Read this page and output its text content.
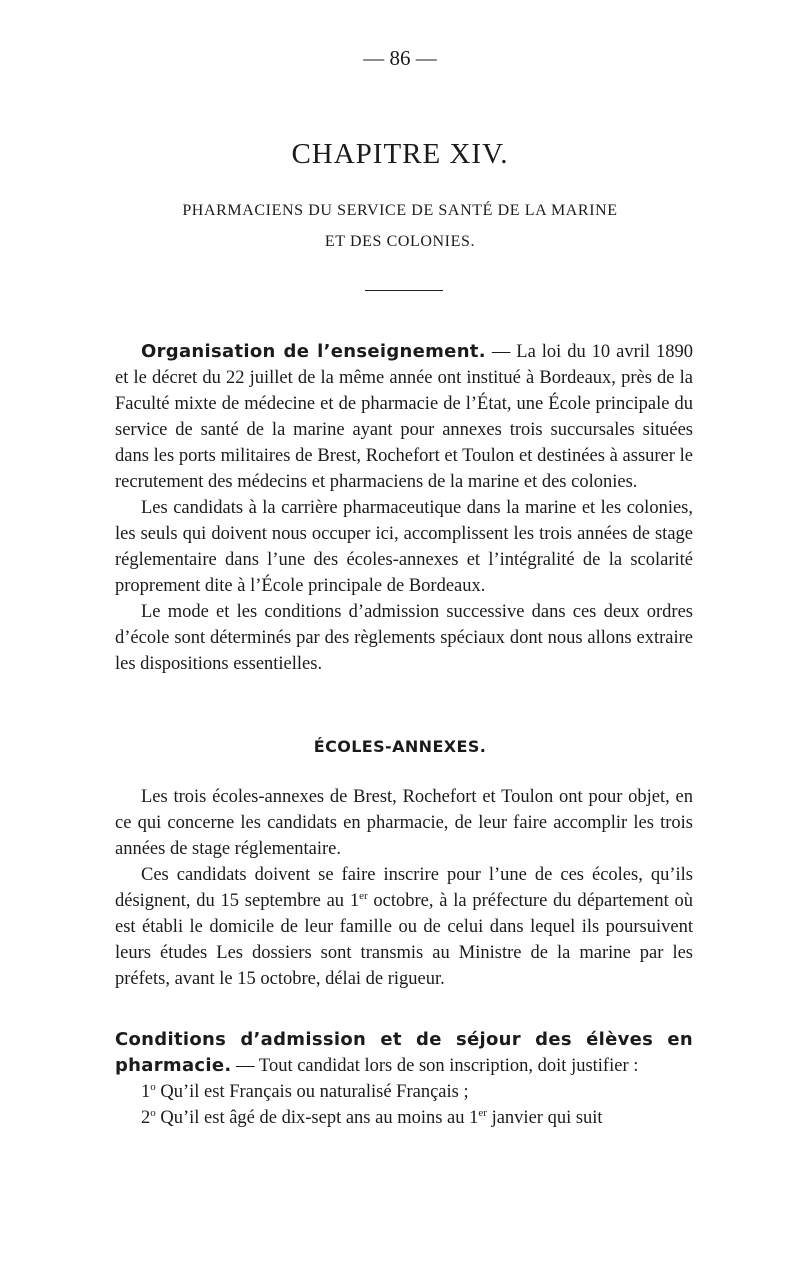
— 86 —
CHAPITRE XIV.
PHARMACIENS DU SERVICE DE SANTÉ DE LA MARINE
ET DES COLONIES.

Organisation de l’enseignement. — La loi du 10 avril 1890 et le décret du 22 juillet de la même année ont institué à Bordeaux, près de la Faculté mixte de médecine et de pharmacie de l’État, une École principale du service de santé de la marine ayant pour annexes trois succursales situées dans les ports militaires de Brest, Rochefort et Toulon et destinées à assurer le recrutement des médecins et pharmaciens de la marine et des colonies.

Les candidats à la carrière pharmaceutique dans la marine et les colonies, les seuls qui doivent nous occuper ici, accomplissent les trois années de stage réglementaire dans l’une des écoles-annexes et l’intégralité de la scolarité proprement dite à l’École principale de Bordeaux.

Le mode et les conditions d’admission successive dans ces deux ordres d’école sont déterminés par des règlements spéciaux dont nous allons extraire les dispositions essentielles.

ÉCOLES-ANNEXES.

Les trois écoles-annexes de Brest, Rochefort et Toulon ont pour objet, en ce qui concerne les candidats en pharmacie, de leur faire accomplir les trois années de stage réglementaire.

Ces candidats doivent se faire inscrire pour l’une de ces écoles, qu’ils désignent, du 15 septembre au 1er octobre, à la préfecture du département où est établi le domicile de leur famille ou de celui dans lequel ils poursuivent leurs études Les dossiers sont transmis au Ministre de la marine par les préfets, avant le 15 octobre, délai de rigueur.

Conditions d’admission et de séjour des élèves en pharmacie. — Tout candidat lors de son inscription, doit justifier :

1$^o$ Qu’il est Français ou naturalisé Français ;

2$^o$ Qu’il est âgé de dix-sept ans au moins au 1er janvier qui suit
